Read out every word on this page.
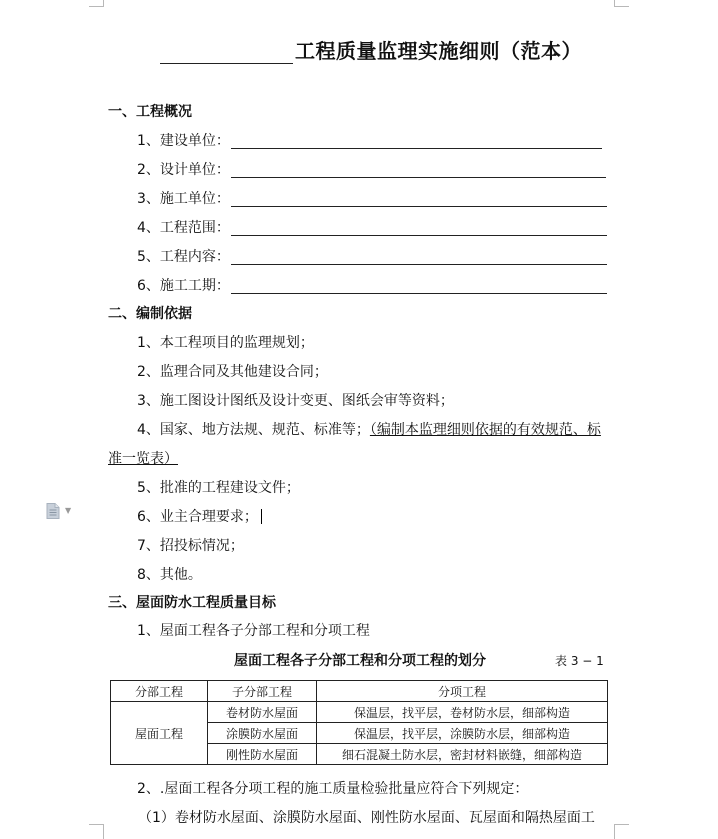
工程质量监理实施细则（范本）
一、工程概况
1、建设单位：
2、设计单位：
3、施工单位：
4、工程范围：
5、工程内容：
6、施工工期：
二、编制依据
1、本工程项目的监理规划；
2、监理合同及其他建设合同；
3、施工图设计图纸及设计变更、图纸会审等资料；
4、国家、地方法规、规范、标准等；（编制本监理细则依据的有效规范、标
准一览表）
5、批准的工程建设文件；
▼	6、业主合理要求；
7、招投标情况；
8、其他。
三、屋面防水工程质量目标
1、屋面工程各子分部工程和分项工程
屋面工程各子分部工程和分项工程的划分	表 3 − 1
分部工程	子分部工程	分项工程
屋面工程	卷材防水屋面	保温层，找平层，卷材防水层，细部构造
	涂膜防水屋面	保温层，找平层，涂膜防水层，细部构造
	刚性防水屋面	细石混凝土防水层，密封材料嵌缝，细部构造
2、.屋面工程各分项工程的施工质量检验批量应符合下列规定：
（1）卷材防水屋面、涂膜防水屋面、刚性防水屋面、瓦屋面和隔热屋面工
